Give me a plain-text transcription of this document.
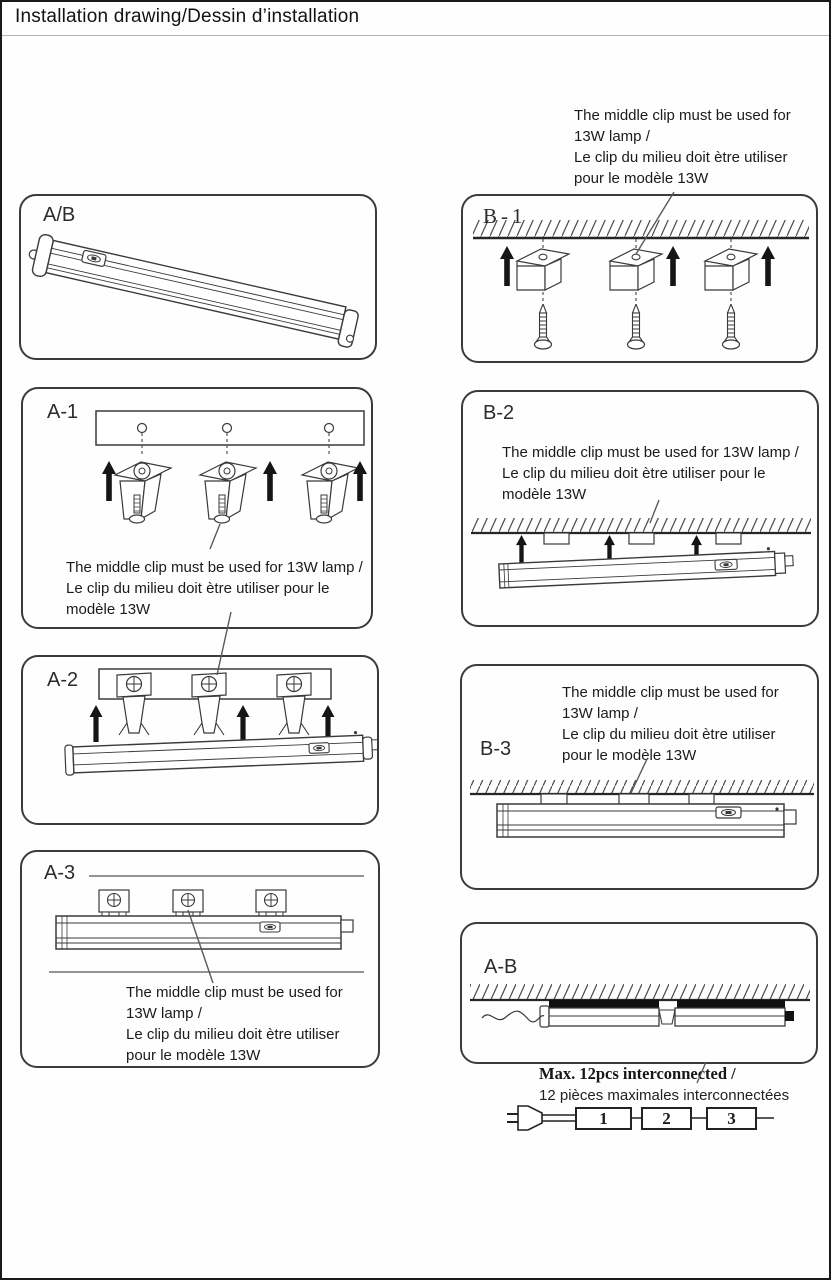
Installation drawing/Dessin d’installation
The middle clip must be used for
13W lamp /
Le clip du milieu doit ètre utiliser
pour le modèle 13W
A/B	B-1
A-1
The middle clip must be used for 13W lamp /
Le clip du milieu doit ètre utiliser pour le
modèle 13W
B-2
The middle clip must be used for 13W lamp /
Le clip du milieu doit ètre utiliser pour le
modèle 13W
A-2
B-3
The middle clip must be used for
13W lamp /
Le clip du milieu doit ètre utiliser
pour le modèle 13W
A-3
The middle clip must be used for
13W lamp /
Le clip du milieu doit ètre utiliser
pour le modèle 13W
A-B
Max. 12pcs interconnected /
12 pièces maximales interconnectées
1	2	3
